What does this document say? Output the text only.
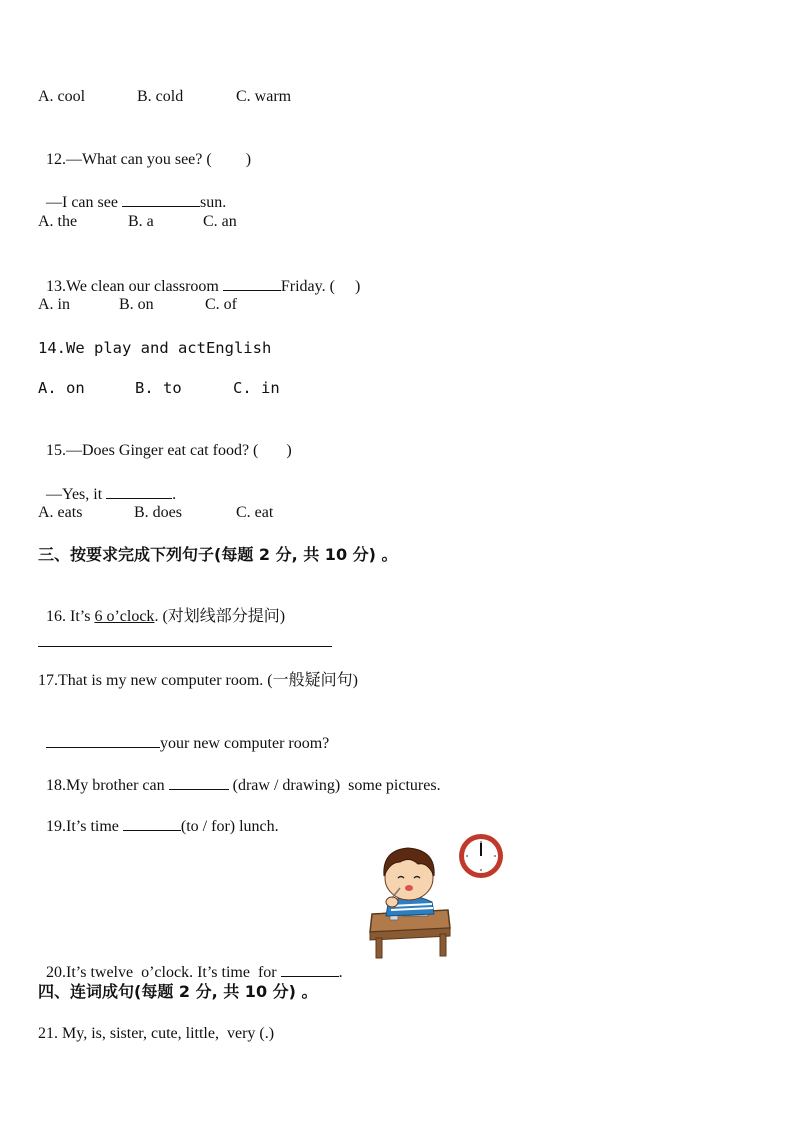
A. cool	B. cold	C. warm

12.—What can you see? ( )

—I can see	sun.

A. the	B. a	C. an

13.We clean our classroom	Friday. ( )

A. in	B. on	C. of
14.We play and actEnglish
A. on	B. to	C. in

15.—Does Ginger eat cat food? ( )

—Yes, it	.

A. eats	B. does	C. eat
三、按要求完成下列句子(每题 2 分, 共 10 分) 。

16. It’s 6 o’clock. (对划线部分提问)

17.That is my new computer room. (一般疑问句)

your new computer room?

18.My brother can	(draw / drawing)  some pictures.

19.It’s time	(to / for) lunch.

20.It’s twelve  o’clock. It’s time  for	.

四、连词成句(每题 2 分, 共 10 分) 。
21. My, is, sister, cute, little,  very (.)
